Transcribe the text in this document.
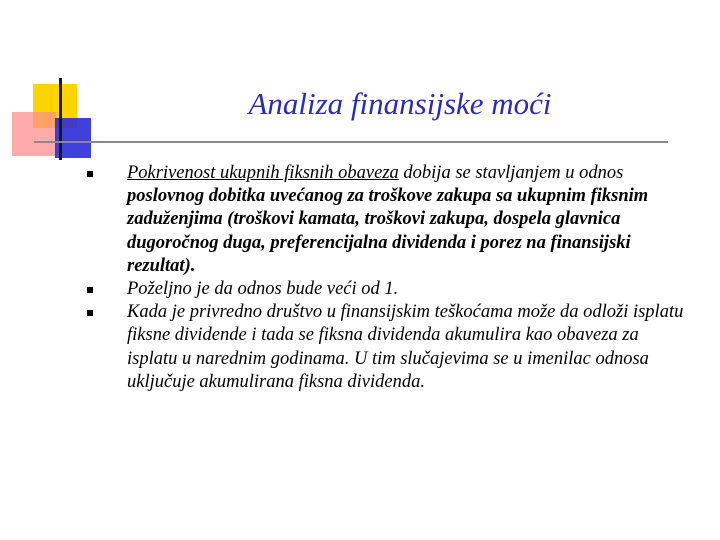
Analiza finansijske moći
Pokrivenost ukupnih fiksnih obaveza dobija se stavljanjem u odnos poslovnog dobitka uvećanog za troškove zakupa sa ukupnim fiksnim zaduženjima (troškovi kamata, troškovi zakupa, dospela glavnica dugoročnog duga, preferencijalna dividenda i porez na finansijski rezultat).
Poželjno je da odnos bude veći od 1.
Kada je privredno društvo u finansijskim teškoćama može da odloži isplatu fiksne dividende i tada se fiksna dividenda akumulira kao obaveza za isplatu u narednim godinama. U tim slučajevima se u imenilac odnosa uključuje akumulirana fiksna dividenda.
